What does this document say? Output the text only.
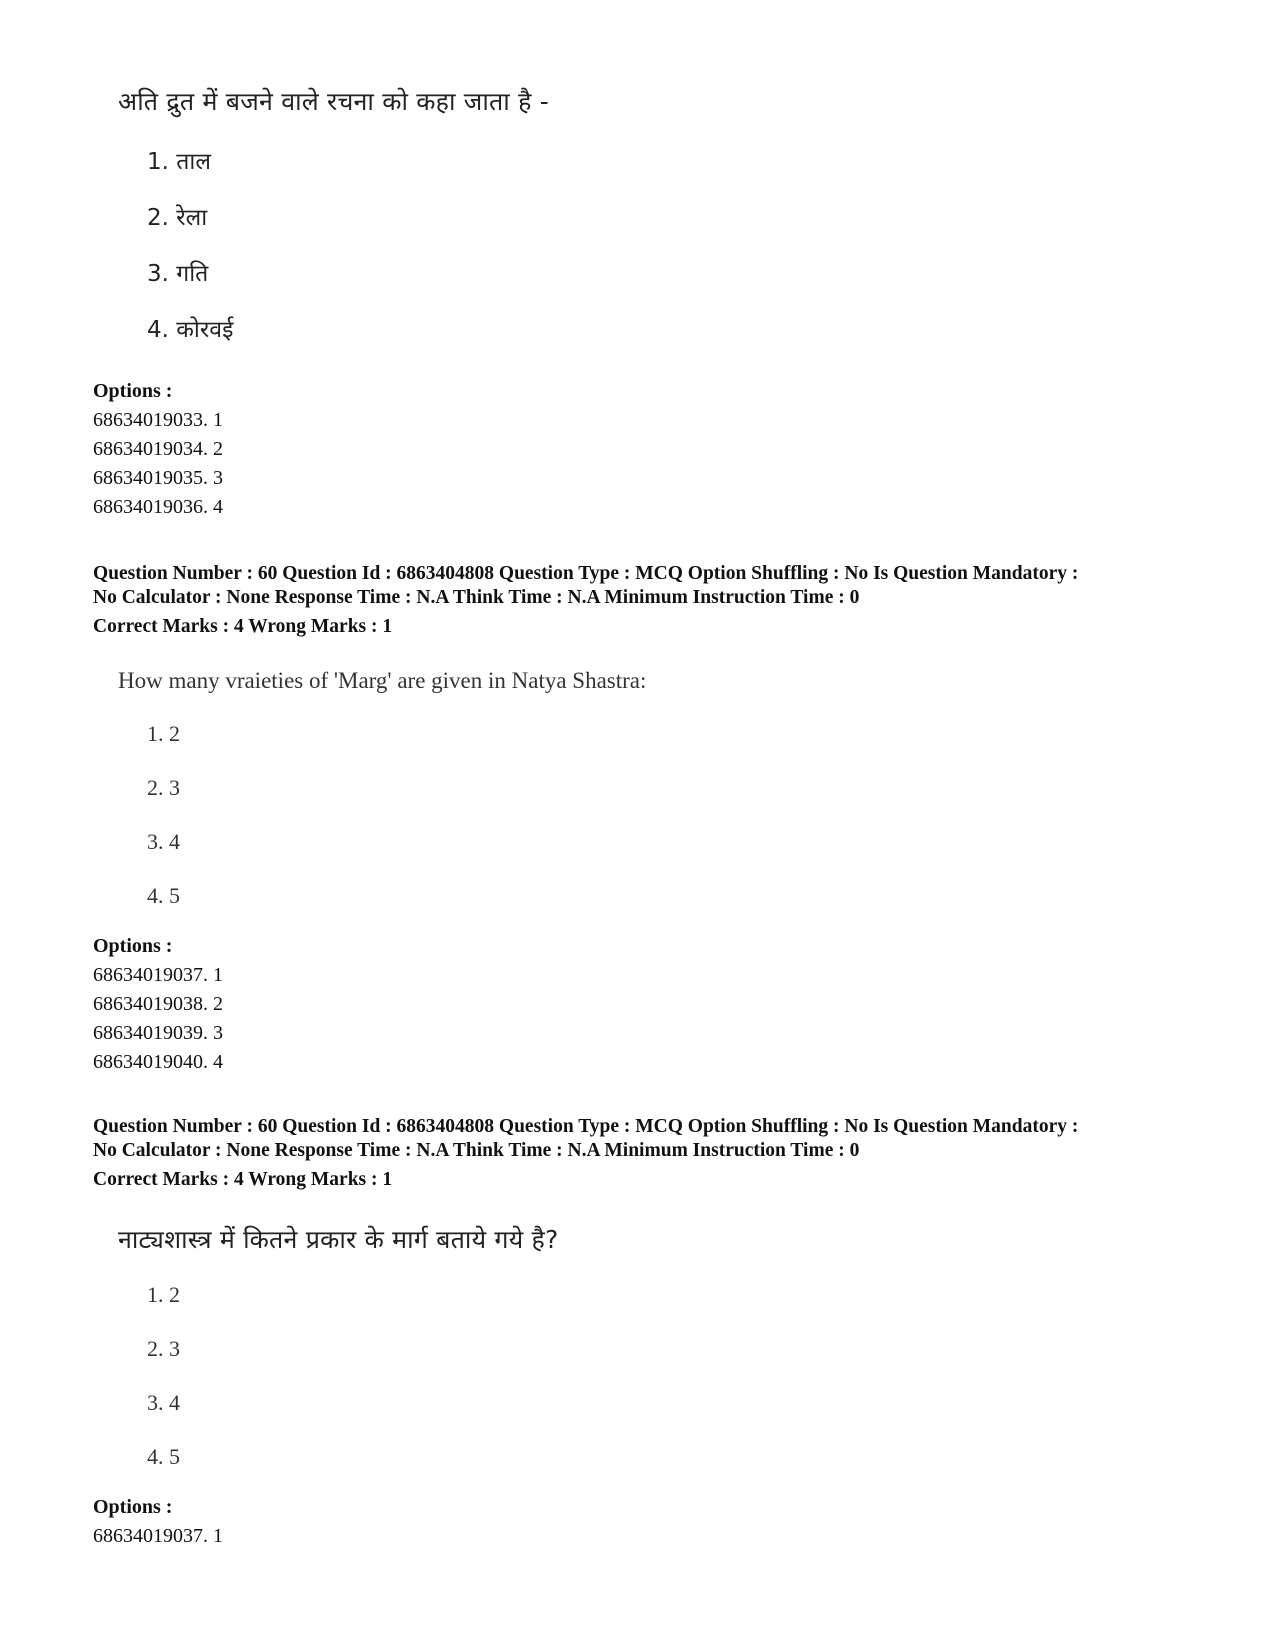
अति द्रुत में बजने वाले रचना को कहा जाता है -
1. ताल
2. रेला
3. गति
4. कोरवई
Options :
68634019033. 1
68634019034. 2
68634019035. 3
68634019036. 4
Question Number : 60 Question Id : 6863404808 Question Type : MCQ Option Shuffling : No Is Question Mandatory :
No Calculator : None Response Time : N.A Think Time : N.A Minimum Instruction Time : 0
Correct Marks : 4 Wrong Marks : 1
How many vraieties of 'Marg' are given in Natya Shastra:
1. 2
2. 3
3. 4
4. 5
Options :
68634019037. 1
68634019038. 2
68634019039. 3
68634019040. 4
Question Number : 60 Question Id : 6863404808 Question Type : MCQ Option Shuffling : No Is Question Mandatory :
No Calculator : None Response Time : N.A Think Time : N.A Minimum Instruction Time : 0
Correct Marks : 4 Wrong Marks : 1
नाट्यशास्त्र में कितने प्रकार के मार्ग बताये गये है?
1. 2
2. 3
3. 4
4. 5
Options :
68634019037. 1
